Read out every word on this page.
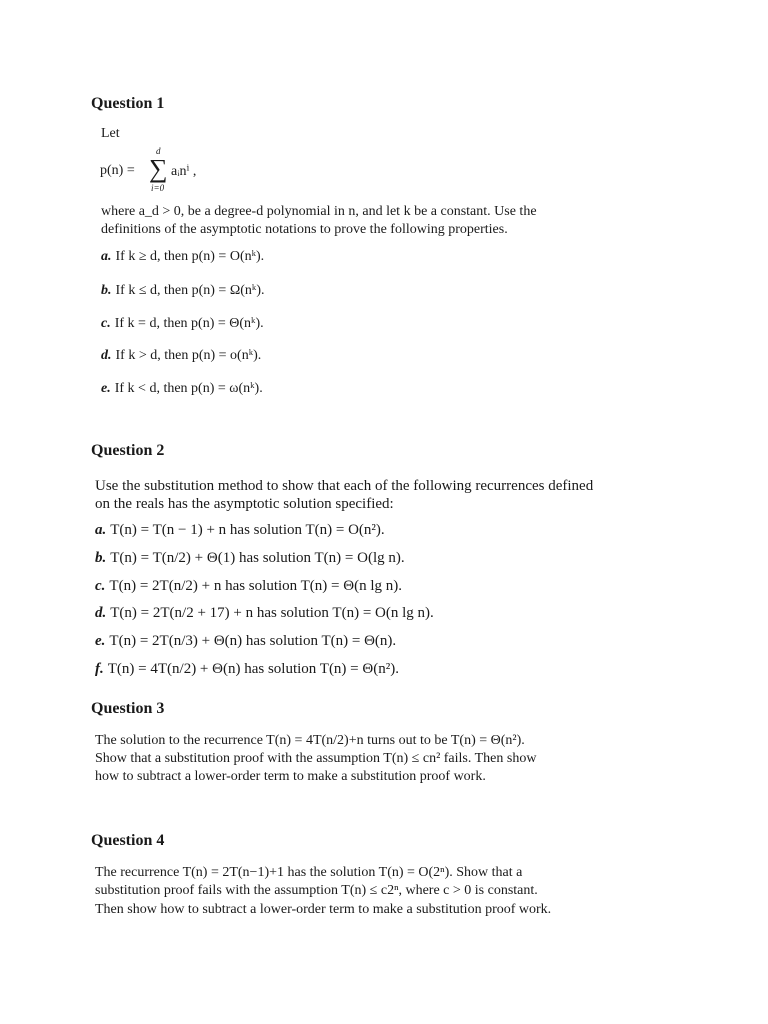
Question 1
Let
p(n) =
d
∑
i=0
aᵢnⁱ ,
where a_d > 0, be a degree-d polynomial in n, and let k be a constant. Use the
definitions of the asymptotic notations to prove the following properties.
a. If k ≥ d, then p(n) = O(nᵏ).
b. If k ≤ d, then p(n) = Ω(nᵏ).
c. If k = d, then p(n) = Θ(nᵏ).
d. If k > d, then p(n) = o(nᵏ).
e. If k < d, then p(n) = ω(nᵏ).
Question 2
Use the substitution method to show that each of the following recurrences defined
on the reals has the asymptotic solution specified:
a. T(n) = T(n − 1) + n has solution T(n) = O(n²).
b. T(n) = T(n/2) + Θ(1) has solution T(n) = O(lg n).
c. T(n) = 2T(n/2) + n has solution T(n) = Θ(n lg n).
d. T(n) = 2T(n/2 + 17) + n has solution T(n) = O(n lg n).
e. T(n) = 2T(n/3) + Θ(n) has solution T(n) = Θ(n).
f. T(n) = 4T(n/2) + Θ(n) has solution T(n) = Θ(n²).
Question 3
The solution to the recurrence T(n) = 4T(n/2)+n turns out to be T(n) = Θ(n²).
Show that a substitution proof with the assumption T(n) ≤ cn² fails. Then show
how to subtract a lower-order term to make a substitution proof work.
Question 4
The recurrence T(n) = 2T(n−1)+1 has the solution T(n) = O(2ⁿ). Show that a
substitution proof fails with the assumption T(n) ≤ c2ⁿ, where c > 0 is constant.
Then show how to subtract a lower-order term to make a substitution proof work.
